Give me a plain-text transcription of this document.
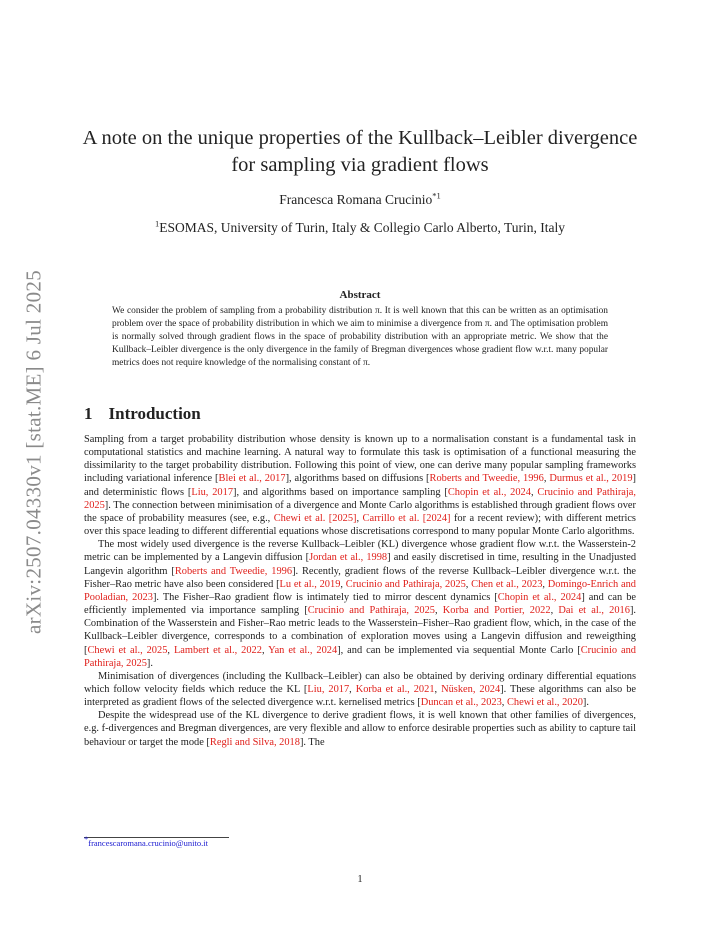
arXiv:2507.04330v1 [stat.ME] 6 Jul 2025
A note on the unique properties of the Kullback–Leibler divergence
for sampling via gradient flows
Francesca Romana Crucinio$^{*1}$
$^1$ESOMAS, University of Turin, Italy & Collegio Carlo Alberto, Turin, Italy
Abstract
We consider the problem of sampling from a probability distribution π. It is well known that this can be written as an optimisation problem over the space of probability distribution in which we aim to minimise a divergence from π. and The optimisation problem is normally solved through gradient flows in the space of probability distribution with an appropriate metric. We show that the Kullback–Leibler divergence is the only divergence in the family of Bregman divergences whose gradient flow w.r.t. many popular metrics does not require knowledge of the normalising constant of π.
1 Introduction

Sampling from a target probability distribution whose density is known up to a normalisation constant is a fundamental task in computational statistics and machine learning. A natural way to formulate this task is optimisation of a functional measuring the dissimilarity to the target probability distribution. Following this point of view, one can derive many popular sampling frameworks including variational inference [Blei et al., 2017], algorithms based on diffusions [Roberts and Tweedie, 1996, Durmus et al., 2019] and deterministic flows [Liu, 2017], and algorithms based on importance sampling [Chopin et al., 2024, Crucinio and Pathiraja, 2025]. The connection between minimisation of a divergence and Monte Carlo algorithms is established through gradient flows over the space of probability measures (see, e.g., Chewi et al. [2025], Carrillo et al. [2024] for a recent review); with different metrics over this space leading to different differential equations whose discretisations correspond to many popular Monte Carlo algorithms.

The most widely used divergence is the reverse Kullback–Leibler (KL) divergence whose gradient flow w.r.t. the Wasserstein-2 metric can be implemented by a Langevin diffusion [Jordan et al., 1998] and easily discretised in time, resulting in the Unadjusted Langevin algorithm [Roberts and Tweedie, 1996]. Recently, gradient flows of the reverse Kullback–Leibler divergence w.r.t. the Fisher–Rao metric have also been considered [Lu et al., 2019, Crucinio and Pathiraja, 2025, Chen et al., 2023, Domingo-Enrich and Pooladian, 2023]. The Fisher–Rao gradient flow is intimately tied to mirror descent dynamics [Chopin et al., 2024] and can be efficiently implemented via importance sampling [Crucinio and Pathiraja, 2025, Korba and Portier, 2022, Dai et al., 2016]. Combination of the Wasserstein and Fisher–Rao metric leads to the Wasserstein–Fisher–Rao gradient flow, which, in the case of the Kullback–Leibler divergence, corresponds to a combination of exploration moves using a Langevin diffusion and reweigthing [Chewi et al., 2025, Lambert et al., 2022, Yan et al., 2024], and can be implemented via sequential Monte Carlo [Crucinio and Pathiraja, 2025].

Minimisation of divergences (including the Kullback–Leibler) can also be obtained by deriving ordinary differential equations which follow velocity fields which reduce the KL [Liu, 2017, Korba et al., 2021, Nüsken, 2024]. These algorithms can also be interpreted as gradient flows of the selected divergence w.r.t. kernelised metrics [Duncan et al., 2023, Chewi et al., 2020].

Despite the widespread use of the KL divergence to derive gradient flows, it is well known that other families of divergences, e.g. f-divergences and Bregman divergences, are very flexible and allow to enforce desirable properties such as ability to capture tail behaviour or target the mode [Regli and Silva, 2018]. The

*francescaromana.crucinio@unito.it
1
